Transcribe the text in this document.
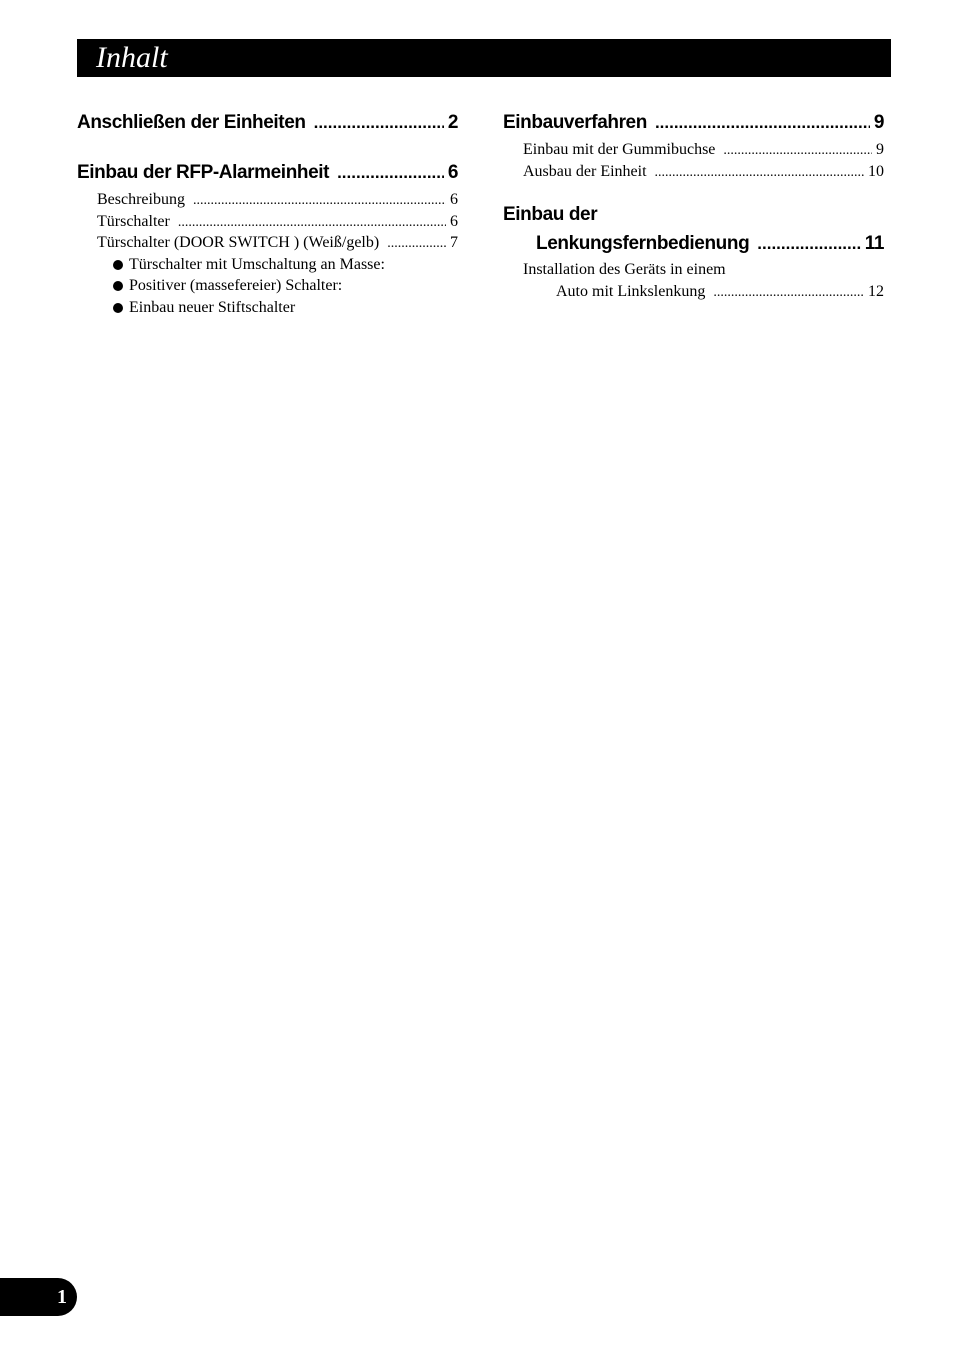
Inhalt
Anschließen der Einheiten .....	2
Einbau der RFP-Alarmeinheit .....	6
Beschreibung .....	6
Türschalter .....	6
Türschalter (DOOR SWITCH ) (Weiß/gelb) .....	7
Türschalter mit Umschaltung an Masse:
Positiver (massefereier) Schalter:
Einbau neuer Stiftschalter
Einbauverfahren .....	9
Einbau mit der Gummibuchse .....	9
Ausbau der Einheit .....	10
Einbau der
Lenkungsfernbedienung .....	11
Installation des Geräts in einem
Auto mit Linkslenkung .....	12
1
